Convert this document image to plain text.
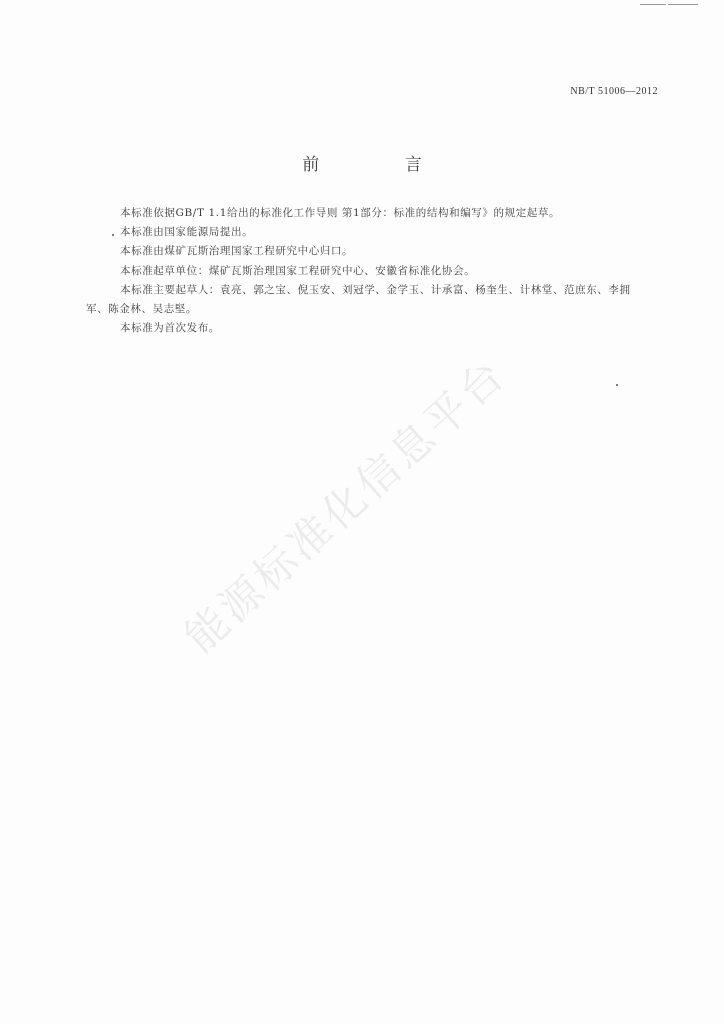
NB/T 51006—2012
前 言

本标准依据GB/T 1.1给出的标准化工作导则 第1部分：标准的结构和编写》的规定起草。

本标准由国家能源局提出。

本标准由煤矿瓦斯治理国家工程研究中心归口。

本标准起草单位：煤矿瓦斯治理国家工程研究中心、安徽省标准化协会。

本标准主要起草人：袁亮、郭之宝、倪玉安、刘冠学、金学玉、计承富、杨奎生、计林堂、范庶东、李拥
军、陈金林、吴志堅。

本标准为首次发布。

能源标准化信息平台
